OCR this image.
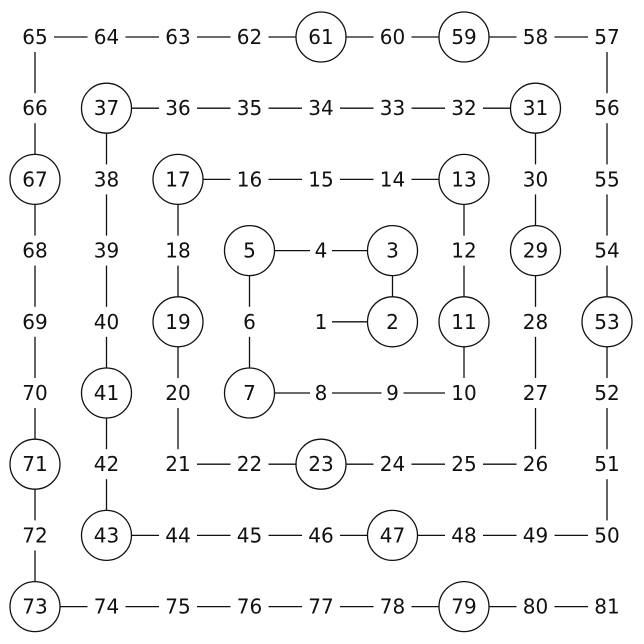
65 64 63 62 61 60 59 58 57
66 37 36 35 34 33 32 31 56
67 38 17 16 15 14 13 30 55
68 39 18	5	4	3	12 29 54
69 40 19	6	1	2	11 28 53
70 41 20	7	8	9	10 27 52
71 42 21 22 23 24 25 26 51
72 43 44 45 46 47 48 49 50
73 74 75 76 77 78 79 80 81
